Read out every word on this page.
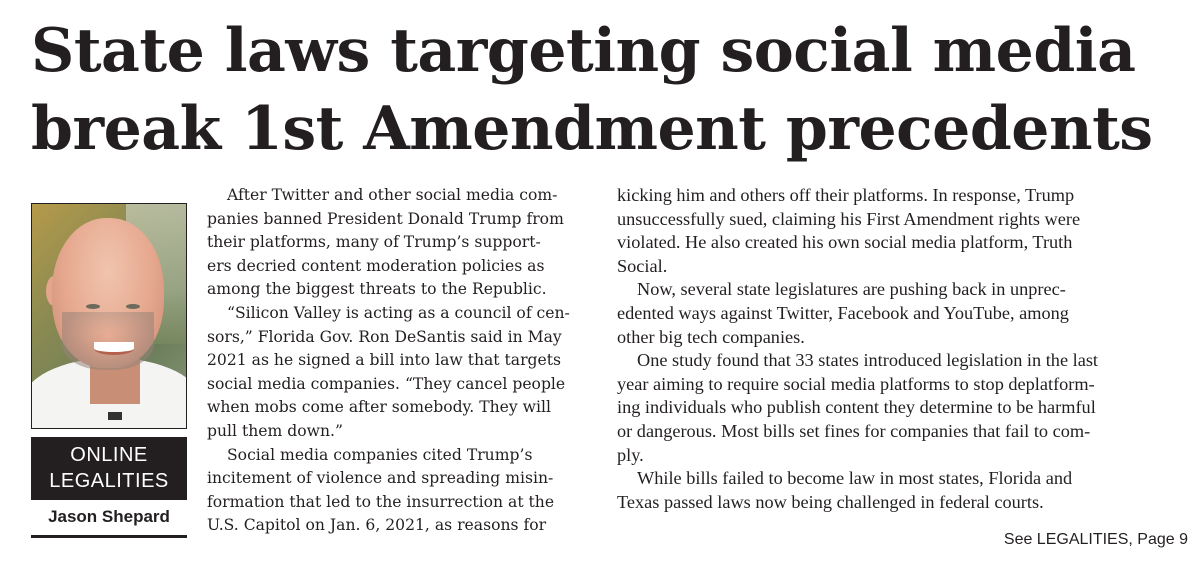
State laws targeting social media
break 1st Amendment precedents
ONLINE
LEGALITIES
Jason Shepard
After Twitter and other social media com-
panies banned President Donald Trump from
their platforms, many of Trump’s support-
ers decried content moderation policies as
among the biggest threats to the Republic.
“Silicon Valley is acting as a council of cen-
sors,” Florida Gov. Ron DeSantis said in May
2021 as he signed a bill into law that targets
social media companies. “They cancel people
when mobs come after somebody. They will
pull them down.”
Social media companies cited Trump’s
incitement of violence and spreading misin-
formation that led to the insurrection at the
U.S. Capitol on Jan. 6, 2021, as reasons for
kicking him and others off their platforms. In response, Trump
unsuccessfully sued, claiming his First Amendment rights were
violated. He also created his own social media platform, Truth
Social.
Now, several state legislatures are pushing back in unprec-
edented ways against Twitter, Facebook and YouTube, among
other big tech companies.
One study found that 33 states introduced legislation in the last
year aiming to require social media platforms to stop deplatform-
ing individuals who publish content they determine to be harmful
or dangerous. Most bills set fines for companies that fail to com-
ply.
While bills failed to become law in most states, Florida and
Texas passed laws now being challenged in federal courts.
See LEGALITIES, Page 9
